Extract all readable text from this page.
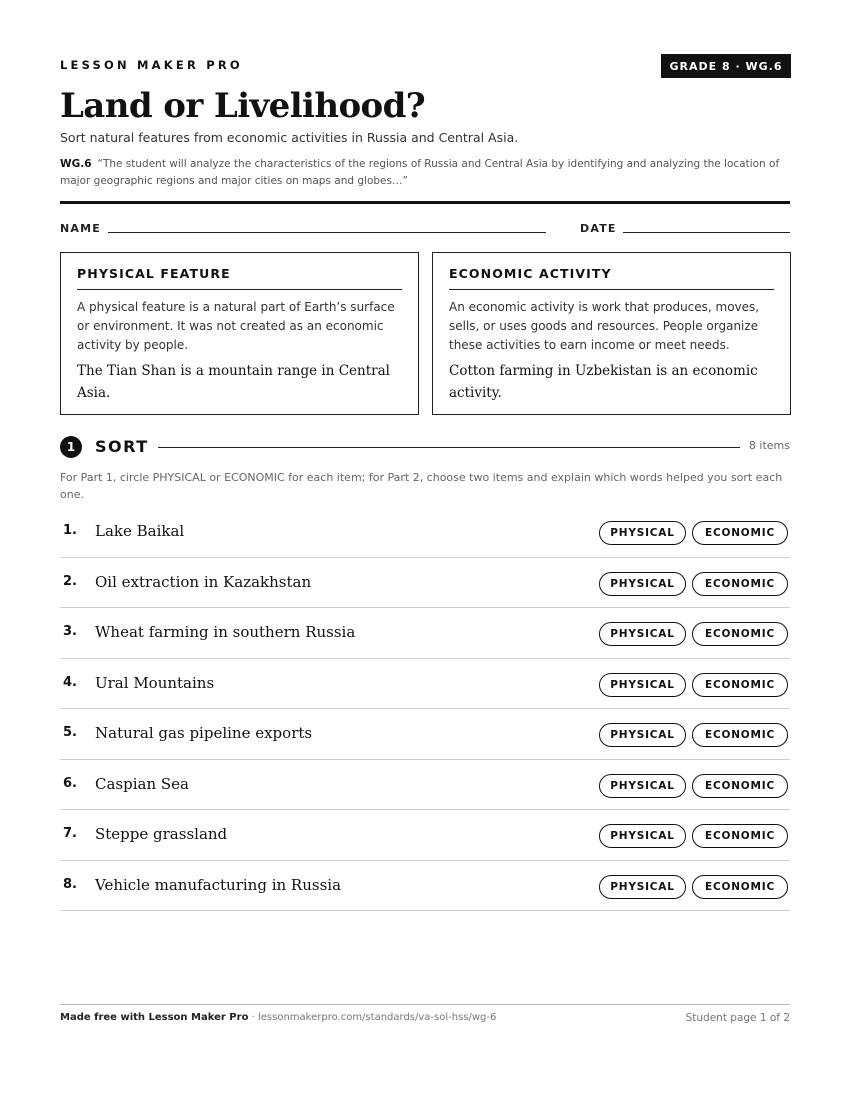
LESSON MAKER PRO	GRADE 8 · WG.6
Land or Livelihood?
Sort natural features from economic activities in Russia and Central Asia.
WG.6 “The student will analyze the characteristics of the regions of Russia and Central Asia by identifying and analyzing the location of major geographic regions and major cities on maps and globes…”
NAME	DATE
PHYSICAL FEATURE
A physical feature is a natural part of Earth’s surface or environment. It was not created as an economic activity by people.
The Tian Shan is a mountain range in Central Asia.
ECONOMIC ACTIVITY
An economic activity is work that produces, moves, sells, or uses goods and resources. People organize these activities to earn income or meet needs.
Cotton farming in Uzbekistan is an economic activity.
1	SORT	8 items
For Part 1, circle PHYSICAL or ECONOMIC for each item; for Part 2, choose two items and explain which words helped you sort each one.
1. Lake Baikal	PHYSICAL	ECONOMIC
2. Oil extraction in Kazakhstan	PHYSICAL	ECONOMIC
3. Wheat farming in southern Russia	PHYSICAL	ECONOMIC
4. Ural Mountains	PHYSICAL	ECONOMIC
5. Natural gas pipeline exports	PHYSICAL	ECONOMIC
6. Caspian Sea	PHYSICAL	ECONOMIC
7. Steppe grassland	PHYSICAL	ECONOMIC
8. Vehicle manufacturing in Russia	PHYSICAL	ECONOMIC
Made free with Lesson Maker Pro · lessonmakerpro.com/standards/va-sol-hss/wg-6	Student page 1 of 2
